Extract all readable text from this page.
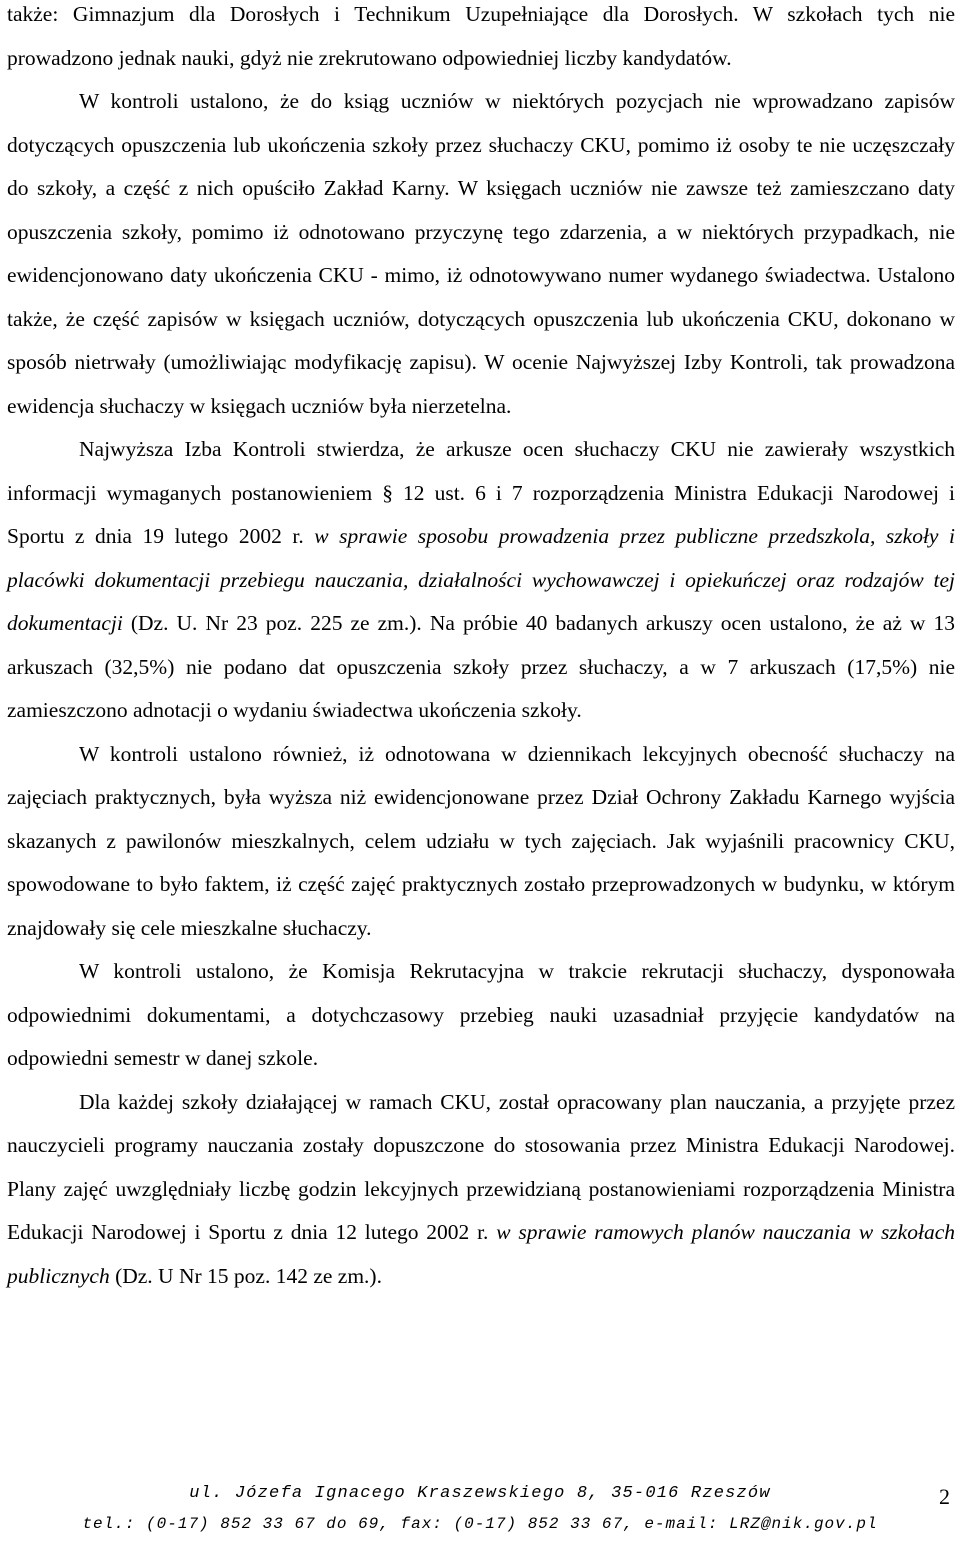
także: Gimnazjum dla Dorosłych i Technikum Uzupełniające dla Dorosłych. W szkołach tych nie prowadzono jednak nauki, gdyż nie zrekrutowano odpowiedniej liczby kandydatów.

W kontroli ustalono, że do ksiąg uczniów w niektórych pozycjach nie wprowadzano zapisów dotyczących opuszczenia lub ukończenia szkoły przez słuchaczy CKU, pomimo iż osoby te nie uczęszczały do szkoły, a część z nich opuściło Zakład Karny. W księgach uczniów nie zawsze też zamieszczano daty opuszczenia szkoły, pomimo iż odnotowano przyczynę tego zdarzenia, a w niektórych przypadkach, nie ewidencjonowano daty ukończenia CKU - mimo, iż odnotowywano numer wydanego świadectwa. Ustalono także, że część zapisów w księgach uczniów, dotyczących opuszczenia lub ukończenia CKU, dokonano w sposób nietrwały (umożliwiając modyfikację zapisu). W ocenie Najwyższej Izby Kontroli, tak prowadzona ewidencja słuchaczy w księgach uczniów była nierzetelna.

Najwyższa Izba Kontroli stwierdza, że arkusze ocen słuchaczy CKU nie zawierały wszystkich informacji wymaganych postanowieniem § 12 ust. 6 i 7 rozporządzenia Ministra Edukacji Narodowej i Sportu z dnia 19 lutego 2002 r. w sprawie sposobu prowadzenia przez publiczne przedszkola, szkoły i placówki dokumentacji przebiegu nauczania, działalności wychowawczej i opiekuńczej oraz rodzajów tej dokumentacji (Dz. U. Nr 23 poz. 225 ze zm.). Na próbie 40 badanych arkuszy ocen ustalono, że aż w 13 arkuszach (32,5%) nie podano dat opuszczenia szkoły przez słuchaczy, a w 7 arkuszach (17,5%) nie zamieszczono adnotacji o wydaniu świadectwa ukończenia szkoły.

W kontroli ustalono również, iż odnotowana w dziennikach lekcyjnych obecność słuchaczy na zajęciach praktycznych, była wyższa niż ewidencjonowane przez Dział Ochrony Zakładu Karnego wyjścia skazanych z pawilonów mieszkalnych, celem udziału w tych zajęciach. Jak wyjaśnili pracownicy CKU, spowodowane to było faktem, iż część zajęć praktycznych zostało przeprowadzonych w budynku, w którym znajdowały się cele mieszkalne słuchaczy.

W kontroli ustalono, że Komisja Rekrutacyjna w trakcie rekrutacji słuchaczy, dysponowała odpowiednimi dokumentami, a dotychczasowy przebieg nauki uzasadniał przyjęcie kandydatów na odpowiedni semestr w danej szkole.

Dla każdej szkoły działającej w ramach CKU, został opracowany plan nauczania, a przyjęte przez nauczycieli programy nauczania zostały dopuszczone do stosowania przez Ministra Edukacji Narodowej. Plany zajęć uwzględniały liczbę godzin lekcyjnych przewidzianą postanowieniami rozporządzenia Ministra Edukacji Narodowej i Sportu z dnia 12 lutego 2002 r. w sprawie ramowych planów nauczania w szkołach publicznych (Dz. U Nr 15 poz. 142 ze zm.).

ul. Józefa Ignacego Kraszewskiego 8, 35-016 Rzeszów
tel.: (0-17) 852 33 67 do 69, fax: (0-17) 852 33 67, e-mail: LRZ@nik.gov.pl
2
